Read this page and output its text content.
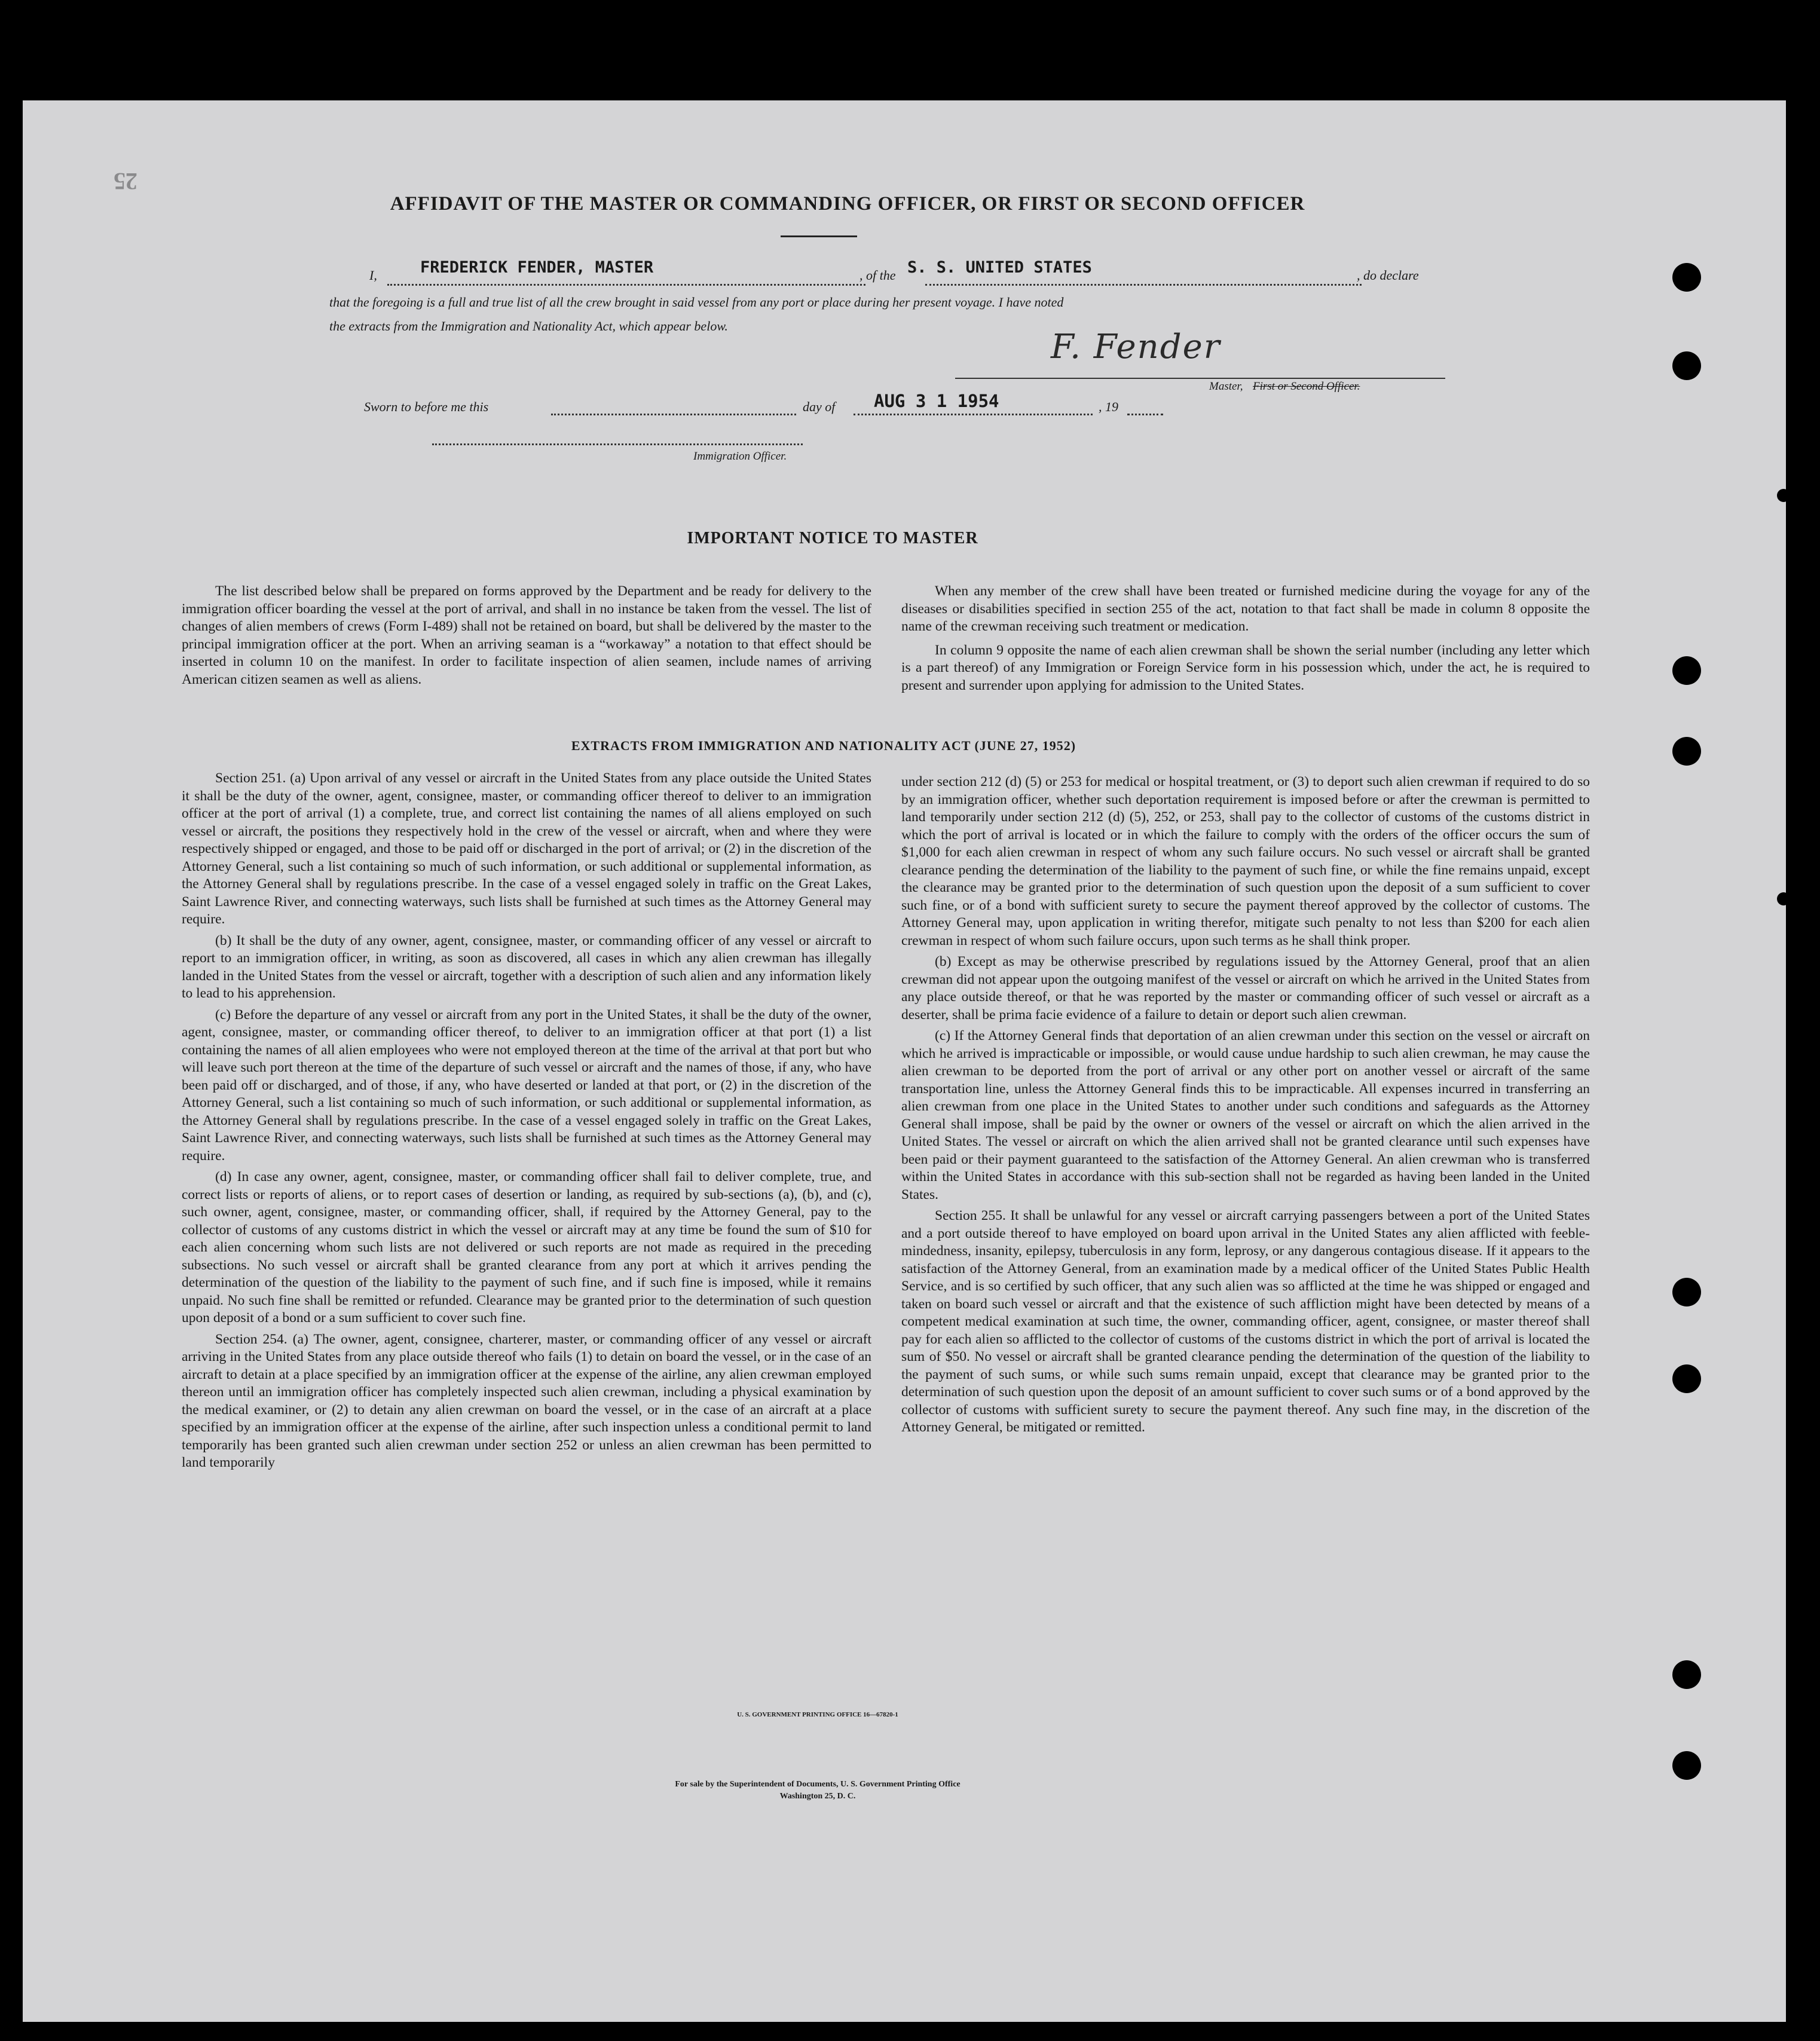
25
AFFIDAVIT OF THE MASTER OR COMMANDING OFFICER, OR FIRST OR SECOND OFFICER
I,	FREDERICK FENDER, MASTER	, of the S. S. UNITED STATES	, do declare
that the foregoing is a full and true list of all the crew brought in said vessel from any port or place during her present voyage. I have noted
the extracts from the Immigration and Nationality Act, which appear below.
F. Fender
Master, First or Second Officer.
Sworn to before me this	day of AUG 3 1 1954	, 19
Immigration Officer.
IMPORTANT NOTICE TO MASTER

The list described below shall be prepared on forms approved by the Department and be ready for delivery to the immigration officer boarding the vessel at the port of arrival, and shall in no instance be taken from the vessel. The list of changes of alien members of crews (Form I-489) shall not be retained on board, but shall be delivered by the master to the principal immigration officer at the port. When an arriving seaman is a “workaway” a notation to that effect should be inserted in column 10 on the manifest. In order to facilitate inspection of alien seamen, include names of arriving American citizen seamen as well as aliens.

When any member of the crew shall have been treated or furnished medicine during the voyage for any of the diseases or disabilities specified in section 255 of the act, notation to that fact shall be made in column 8 opposite the name of the crewman receiving such treatment or medication.

In column 9 opposite the name of each alien crewman shall be shown the serial number (including any letter which is a part thereof) of any Immigration or Foreign Service form in his possession which, under the act, he is required to present and surrender upon applying for admission to the United States.

EXTRACTS FROM IMMIGRATION AND NATIONALITY ACT (JUNE 27, 1952)

Section 251. (a) Upon arrival of any vessel or aircraft in the United States from any place outside the United States it shall be the duty of the owner, agent, consignee, master, or commanding officer thereof to deliver to an immigration officer at the port of arrival (1) a complete, true, and correct list containing the names of all aliens employed on such vessel or aircraft, the positions they respectively hold in the crew of the vessel or aircraft, when and where they were respectively shipped or engaged, and those to be paid off or discharged in the port of arrival; or (2) in the discretion of the Attorney General, such a list containing so much of such information, or such additional or supplemental information, as the Attorney General shall by regulations prescribe. In the case of a vessel engaged solely in traffic on the Great Lakes, Saint Lawrence River, and connecting waterways, such lists shall be furnished at such times as the Attorney General may require.

(b) It shall be the duty of any owner, agent, consignee, master, or commanding officer of any vessel or aircraft to report to an immigration officer, in writing, as soon as discovered, all cases in which any alien crewman has illegally landed in the United States from the vessel or aircraft, together with a description of such alien and any information likely to lead to his apprehension.

(c) Before the departure of any vessel or aircraft from any port in the United States, it shall be the duty of the owner, agent, consignee, master, or commanding officer thereof, to deliver to an immigration officer at that port (1) a list containing the names of all alien employees who were not employed thereon at the time of the arrival at that port but who will leave such port thereon at the time of the departure of such vessel or aircraft and the names of those, if any, who have been paid off or discharged, and of those, if any, who have deserted or landed at that port, or (2) in the discretion of the Attorney General, such a list containing so much of such information, or such additional or supplemental information, as the Attorney General shall by regulations prescribe. In the case of a vessel engaged solely in traffic on the Great Lakes, Saint Lawrence River, and connecting waterways, such lists shall be furnished at such times as the Attorney General may require.

(d) In case any owner, agent, consignee, master, or commanding officer shall fail to deliver complete, true, and correct lists or reports of aliens, or to report cases of desertion or landing, as required by sub-sections (a), (b), and (c), such owner, agent, consignee, master, or commanding officer, shall, if required by the Attorney General, pay to the collector of customs of any customs district in which the vessel or aircraft may at any time be found the sum of $10 for each alien concerning whom such lists are not delivered or such reports are not made as required in the preceding subsections. No such vessel or aircraft shall be granted clearance from any port at which it arrives pending the determination of the question of the liability to the payment of such fine, and if such fine is imposed, while it remains unpaid. No such fine shall be remitted or refunded. Clearance may be granted prior to the determination of such question upon deposit of a bond or a sum sufficient to cover such fine.

Section 254. (a) The owner, agent, consignee, charterer, master, or commanding officer of any vessel or aircraft arriving in the United States from any place outside thereof who fails (1) to detain on board the vessel, or in the case of an aircraft to detain at a place specified by an immigration officer at the expense of the airline, any alien crewman employed thereon until an immigration officer has completely inspected such alien crewman, including a physical examination by the medical examiner, or (2) to detain any alien crewman on board the vessel, or in the case of an aircraft at a place specified by an immigration officer at the expense of the airline, after such inspection unless a conditional permit to land temporarily has been granted such alien crewman under section 252 or unless an alien crewman has been permitted to land temporarily

under section 212 (d) (5) or 253 for medical or hospital treatment, or (3) to deport such alien crewman if required to do so by an immigration officer, whether such deportation requirement is imposed before or after the crewman is permitted to land temporarily under section 212 (d) (5), 252, or 253, shall pay to the collector of customs of the customs district in which the port of arrival is located or in which the failure to comply with the orders of the officer occurs the sum of $1,000 for each alien crewman in respect of whom any such failure occurs. No such vessel or aircraft shall be granted clearance pending the determination of the liability to the payment of such fine, or while the fine remains unpaid, except the clearance may be granted prior to the determination of such question upon the deposit of a sum sufficient to cover such fine, or of a bond with sufficient surety to secure the payment thereof approved by the collector of customs. The Attorney General may, upon application in writing therefor, mitigate such penalty to not less than $200 for each alien crewman in respect of whom such failure occurs, upon such terms as he shall think proper.

(b) Except as may be otherwise prescribed by regulations issued by the Attorney General, proof that an alien crewman did not appear upon the outgoing manifest of the vessel or aircraft on which he arrived in the United States from any place outside thereof, or that he was reported by the master or commanding officer of such vessel or aircraft as a deserter, shall be prima facie evidence of a failure to detain or deport such alien crewman.

(c) If the Attorney General finds that deportation of an alien crewman under this section on the vessel or aircraft on which he arrived is impracticable or impossible, or would cause undue hardship to such alien crewman, he may cause the alien crewman to be deported from the port of arrival or any other port on another vessel or aircraft of the same transportation line, unless the Attorney General finds this to be impracticable. All expenses incurred in transferring an alien crewman from one place in the United States to another under such conditions and safeguards as the Attorney General shall impose, shall be paid by the owner or owners of the vessel or aircraft on which the alien arrived in the United States. The vessel or aircraft on which the alien arrived shall not be granted clearance until such expenses have been paid or their payment guaranteed to the satisfaction of the Attorney General. An alien crewman who is transferred within the United States in accordance with this sub-section shall not be regarded as having been landed in the United States.

Section 255. It shall be unlawful for any vessel or aircraft carrying passengers between a port of the United States and a port outside thereof to have employed on board upon arrival in the United States any alien afflicted with feeble-mindedness, insanity, epilepsy, tuberculosis in any form, leprosy, or any dangerous contagious disease. If it appears to the satisfaction of the Attorney General, from an examination made by a medical officer of the United States Public Health Service, and is so certified by such officer, that any such alien was so afflicted at the time he was shipped or engaged and taken on board such vessel or aircraft and that the existence of such affliction might have been detected by means of a competent medical examination at such time, the owner, commanding officer, agent, consignee, or master thereof shall pay for each alien so afflicted to the collector of customs of the customs district in which the port of arrival is located the sum of $50. No vessel or aircraft shall be granted clearance pending the determination of the question of the liability to the payment of such sums, or while such sums remain unpaid, except that clearance may be granted prior to the determination of such question upon the deposit of an amount sufficient to cover such sums or of a bond approved by the collector of customs with sufficient surety to secure the payment thereof. Any such fine may, in the discretion of the Attorney General, be mitigated or remitted.

U. S. GOVERNMENT PRINTING OFFICE 16—67820-1
For sale by the Superintendent of Documents, U. S. Government Printing Office
Washington 25, D. C.
